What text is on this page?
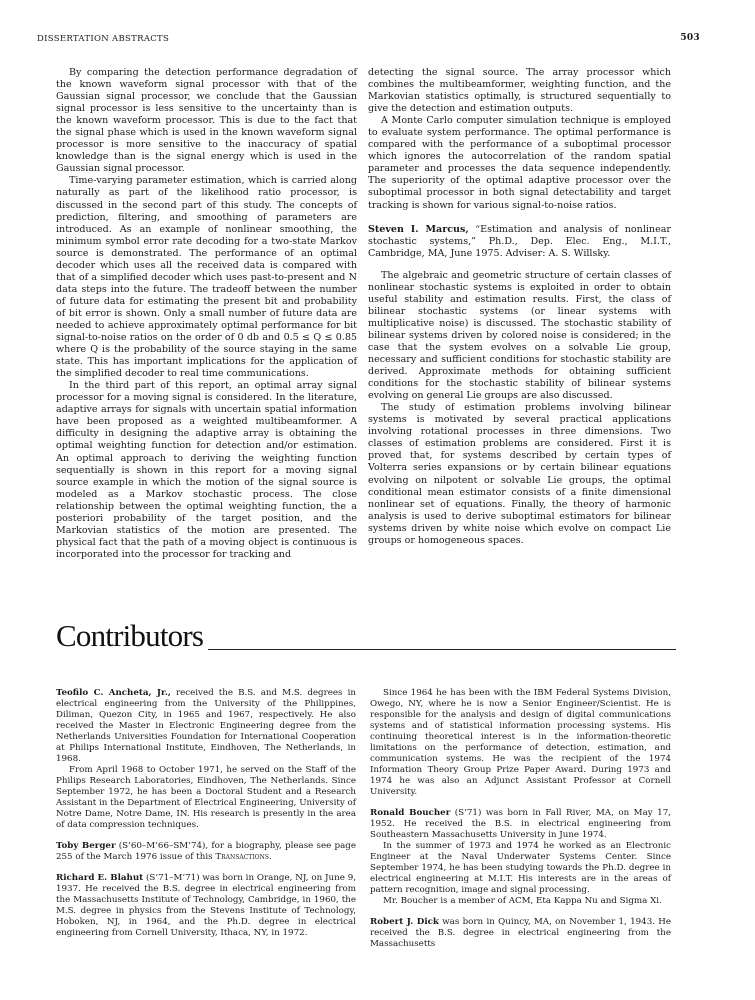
DISSERTATION ABSTRACTS	503

By comparing the detection performance degradation of the known waveform signal processor with that of the Gaussian signal processor, we conclude that the Gaussian signal processor is less sensitive to the uncertainty than is the known waveform processor. This is due to the fact that the signal phase which is used in the known waveform signal processor is more sensitive to the inaccuracy of spatial knowledge than is the signal energy which is used in the Gaussian signal processor.

Time-varying parameter estimation, which is carried along naturally as part of the likelihood ratio processor, is discussed in the second part of this study. The concepts of prediction, filtering, and smoothing of parameters are introduced. As an example of nonlinear smoothing, the minimum symbol error rate decoding for a two-state Markov source is demonstrated. The performance of an optimal decoder which uses all the received data is compared with that of a simplified decoder which uses past-to-present and N data steps into the future. The tradeoff between the number of future data for estimating the present bit and probability of bit error is shown. Only a small number of future data are needed to achieve approximately optimal performance for bit signal-to-noise ratios on the order of 0 db and 0.5 ≤ Q ≤ 0.85 where Q is the probability of the source staying in the same state. This has important implications for the application of the simplified decoder to real time communications.

In the third part of this report, an optimal array signal processor for a moving signal is considered. In the literature, adaptive arrays for signals with uncertain spatial information have been proposed as a weighted multibeamformer. A difficulty in designing the adaptive array is obtaining the optimal weighting function for detection and/or estimation. An optimal approach to deriving the weighting function sequentially is shown in this report for a moving signal source example in which the motion of the signal source is modeled as a Markov stochastic process. The close relationship between the optimal weighting function, the a posteriori probability of the target position, and the Markovian statistics of the motion are presented. The physical fact that the path of a moving object is continuous is incorporated into the processor for tracking and

detecting the signal source. The array processor which combines the multibeamformer, weighting function, and the Markovian statistics optimally, is structured sequentially to give the detection and estimation outputs.

A Monte Carlo computer simulation technique is employed to evaluate system performance. The optimal performance is compared with the performance of a suboptimal processor which ignores the autocorrelation of the random spatial parameter and processes the data sequence independently. The superiority of the optimal adaptive processor over the suboptimal processor in both signal detectability and target tracking is shown for various signal-to-noise ratios.

Steven I. Marcus, “Estimation and analysis of nonlinear stochastic systems,” Ph.D., Dep. Elec. Eng., M.I.T., Cambridge, MA, June 1975. Adviser: A. S. Willsky.

The algebraic and geometric structure of certain classes of nonlinear stochastic systems is exploited in order to obtain useful stability and estimation results. First, the class of bilinear stochastic systems (or linear systems with multiplicative noise) is discussed. The stochastic stability of bilinear systems driven by colored noise is considered; in the case that the system evolves on a solvable Lie group, necessary and sufficient conditions for stochastic stability are derived. Approximate methods for obtaining sufficient conditions for the stochastic stability of bilinear systems evolving on general Lie groups are also discussed.

The study of estimation problems involving bilinear systems is motivated by several practical applications involving rotational processes in three dimensions. Two classes of estimation problems are considered. First it is proved that, for systems described by certain types of Volterra series expansions or by certain bilinear equations evolving on nilpotent or solvable Lie groups, the optimal conditional mean estimator consists of a finite dimensional nonlinear set of equations. Finally, the theory of harmonic analysis is used to derive suboptimal estimators for bilinear systems driven by white noise which evolve on compact Lie groups or homogeneous spaces.

Contributors

Teofilo C. Ancheta, Jr., received the B.S. and M.S. degrees in electrical engineering from the University of the Philippines, Diliman, Quezon City, in 1965 and 1967, respectively. He also received the Master in Electronic Engineering degree from the Netherlands Universities Foundation for International Cooperation at Philips International Institute, Eindhoven, The Netherlands, in 1968.

From April 1968 to October 1971, he served on the Staff of the Philips Research Laboratories, Eindhoven, The Netherlands. Since September 1972, he has been a Doctoral Student and a Research Assistant in the Department of Electrical Engineering, University of Notre Dame, Notre Dame, IN. His research is presently in the area of data compression techniques.

Toby Berger (S’60–M’66–SM’74), for a biography, please see page 255 of the March 1976 issue of this Transactions.

Richard E. Blahut (S’71–M’71) was born in Orange, NJ, on June 9, 1937. He received the B.S. degree in electrical engineering from the Massachusetts Institute of Technology, Cambridge, in 1960, the M.S. degree in physics from the Stevens Institute of Technology, Hoboken, NJ, in 1964, and the Ph.D. degree in electrical engineering from Cornell University, Ithaca, NY, in 1972.

Since 1964 he has been with the IBM Federal Systems Division, Owego, NY, where he is now a Senior Engineer/Scientist. He is responsible for the analysis and design of digital communications systems and of statistical information processing systems. His continuing theoretical interest is in the information-theoretic limitations on the performance of detection, estimation, and communication systems. He was the recipient of the 1974 Information Theory Group Prize Paper Award. During 1973 and 1974 he was also an Adjunct Assistant Professor at Cornell University.

Ronald Boucher (S’71) was born in Fall River, MA, on May 17, 1952. He received the B.S. in electrical engineering from Southeastern Massachusetts University in June 1974.

In the summer of 1973 and 1974 he worked as an Electronic Engineer at the Naval Underwater Systems Center. Since September 1974, he has been studying towards the Ph.D. degree in electrical engineering at M.I.T. His interests are in the areas of pattern recognition, image and signal processing.

Mr. Boucher is a member of ACM, Eta Kappa Nu and Sigma Xi.

Robert J. Dick was born in Quincy, MA, on November 1, 1943. He received the B.S. degree in electrical engineering from the Massachusetts
